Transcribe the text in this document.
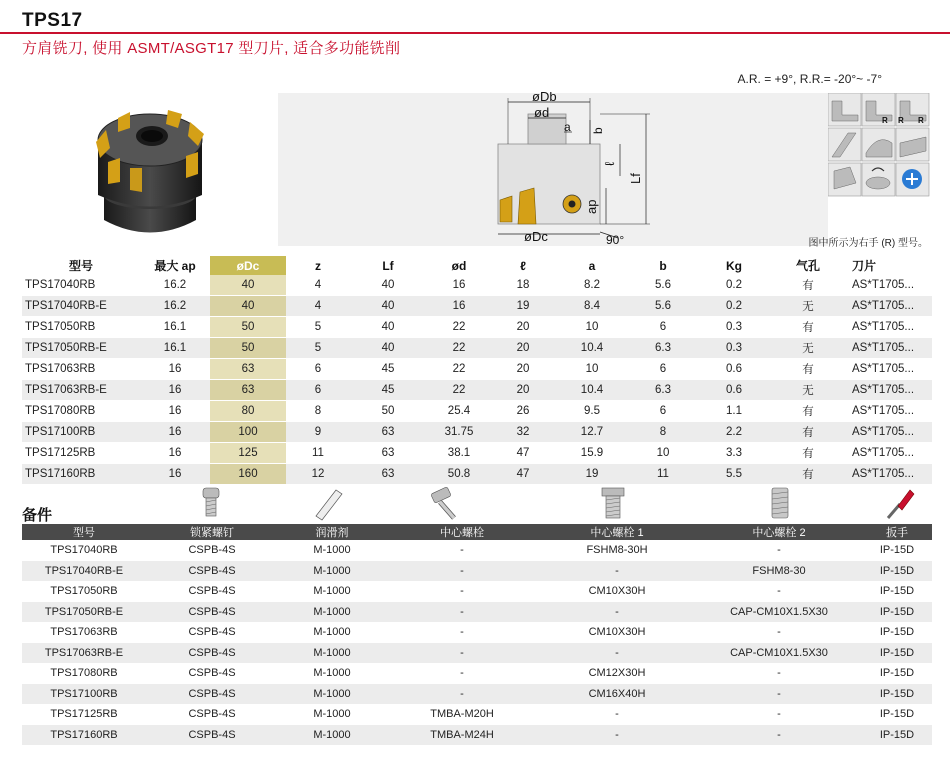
TPS17
方肩铣刀, 使用 ASMT/ASGT17 型刀片, 适合多功能铣削
øDb
ød
a b
ℓ
Lf
ap
øDc	90°
A.R. = +9°, R.R.= -20°~ -7°
R R R
图中所示为右手 (R) 型号。
型号	最大 ap	øDc	z	Lf	ød	ℓ	a	b	Kg	气孔	刀片
TPS17040RB	16.2	40	4	40	16	18	8.2	5.6	0.2	有	AS*T1705...
TPS17040RB-E	16.2	40	4	40	16	19	8.4	5.6	0.2	无	AS*T1705...
TPS17050RB	16.1	50	5	40	22	20	10	6	0.3	有	AS*T1705...
TPS17050RB-E	16.1	50	5	40	22	20	10.4	6.3	0.3	无	AS*T1705...
TPS17063RB	16	63	6	45	22	20	10	6	0.6	有	AS*T1705...
TPS17063RB-E	16	63	6	45	22	20	10.4	6.3	0.6	无	AS*T1705...
TPS17080RB	16	80	8	50	25.4	26	9.5	6	1.1	有	AS*T1705...
TPS17100RB	16	100	9	63	31.75	32	12.7	8	2.2	有	AS*T1705...
TPS17125RB	16	125	11	63	38.1	47	15.9	10	3.3	有	AS*T1705...
TPS17160RB	16	160	12	63	50.8	47	19	11	5.5	有	AS*T1705...
备件
型号	锁紧螺钉	润滑剂	中心螺栓	中心螺栓 1	中心螺栓 2	扳手
TPS17040RB	CSPB-4S	M-1000	-	FSHM8-30H	-	IP-15D
TPS17040RB-E	CSPB-4S	M-1000	-	-	FSHM8-30	IP-15D
TPS17050RB	CSPB-4S	M-1000	-	CM10X30H	-	IP-15D
TPS17050RB-E	CSPB-4S	M-1000	-	-	CAP-CM10X1.5X30	IP-15D
TPS17063RB	CSPB-4S	M-1000	-	CM10X30H	-	IP-15D
TPS17063RB-E	CSPB-4S	M-1000	-	-	CAP-CM10X1.5X30	IP-15D
TPS17080RB	CSPB-4S	M-1000	-	CM12X30H	-	IP-15D
TPS17100RB	CSPB-4S	M-1000	-	CM16X40H	-	IP-15D
TPS17125RB	CSPB-4S	M-1000	TMBA-M20H	-	-	IP-15D
TPS17160RB	CSPB-4S	M-1000	TMBA-M24H	-	-	IP-15D
